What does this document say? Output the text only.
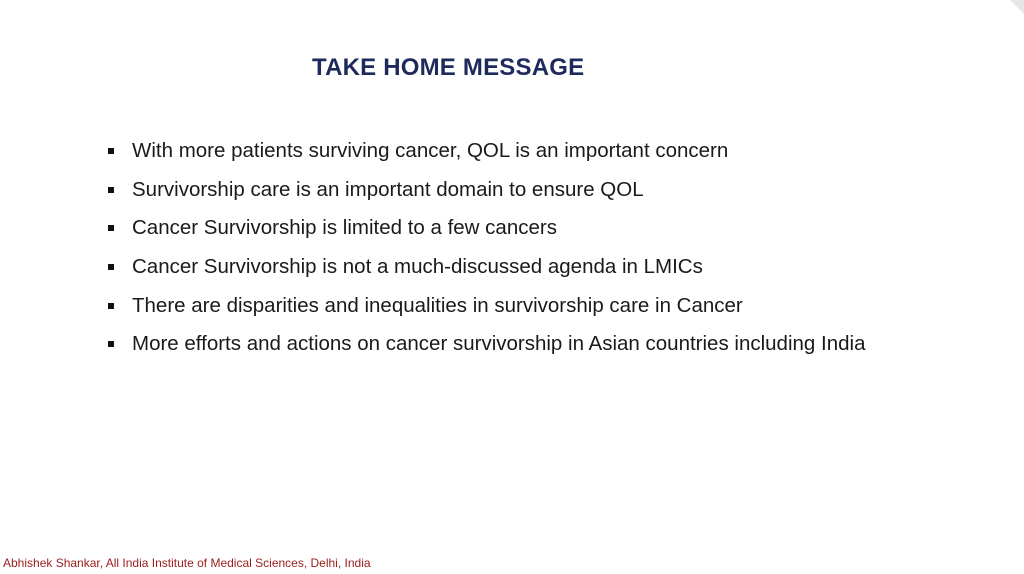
TAKE HOME MESSAGE
With more patients surviving cancer, QOL is an important concern
Survivorship care is an important domain to ensure QOL
Cancer Survivorship is limited to a few cancers
Cancer Survivorship is not a much-discussed agenda in LMICs
There are disparities and inequalities in survivorship care in Cancer
More efforts and actions on cancer survivorship in Asian countries including India
Abhishek Shankar, All India Institute of Medical Sciences, Delhi, India
